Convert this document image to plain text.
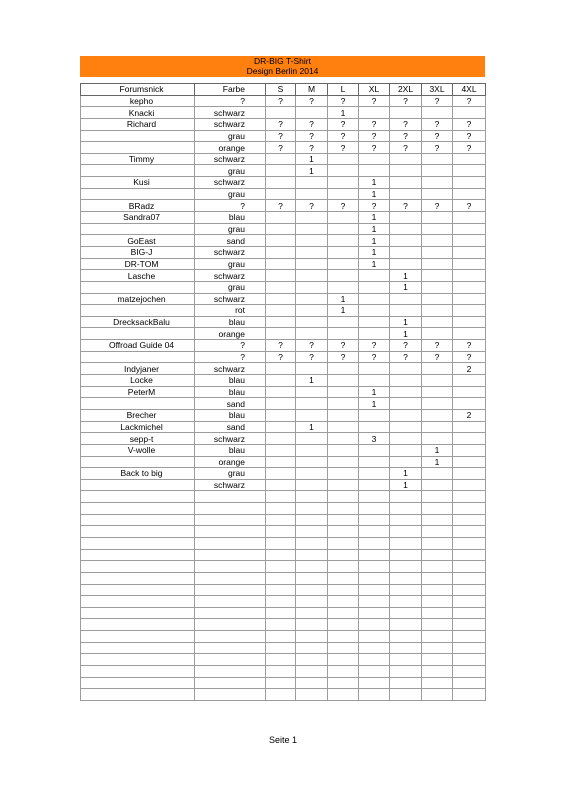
DR-BIG T-Shirt
Design Berlin 2014
Forumsnick	Farbe	S	M	L	XL	2XL	3XL	4XL
kepho	?	?	?	?	?	?	?	?
Knacki	schwarz			1				
Richard	schwarz	?	?	?	?	?	?	?
	grau	?	?	?	?	?	?	?
	orange	?	?	?	?	?	?	?
Timmy	schwarz		1					
	grau		1					
Kusi	schwarz				1			
	grau				1			
BRadz	?	?	?	?	?	?	?	?
Sandra07	blau				1			
	grau				1			
GoEast	sand				1			
BIG-J	schwarz				1			
DR-TOM	grau				1			
Lasche	schwarz					1		
	grau					1		
matzejochen	schwarz			1				
	rot			1				
DrecksackBalu	blau					1		
	orange					1		
Offroad Guide 04	?	?	?	?	?	?	?	?
	?	?	?	?	?	?	?	?
Indyjaner	schwarz							2
Locke	blau		1					
PeterM	blau				1			
	sand				1			
Brecher	blau							2
Lackmichel	sand		1					
sepp-t	schwarz				3			
V-wolle	blau						1	
	orange						1	
Back to big	grau					1		
	schwarz					1		

Seite 1
